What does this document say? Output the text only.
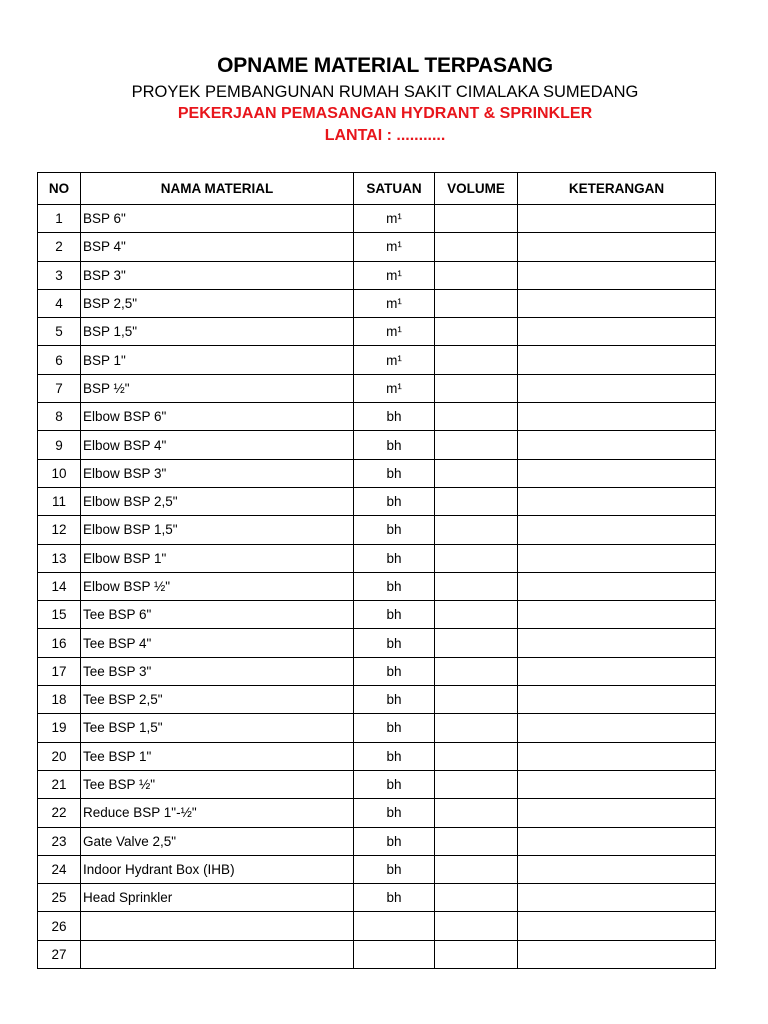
OPNAME MATERIAL TERPASANG
PROYEK PEMBANGUNAN RUMAH SAKIT CIMALAKA SUMEDANG
PEKERJAAN PEMASANGAN HYDRANT & SPRINKLER
LANTAI : ...........
NO	NAMA MATERIAL	SATUAN	VOLUME	KETERANGAN
1	BSP 6"	m¹		
2	BSP 4"	m¹		
3	BSP 3"	m¹		
4	BSP 2,5"	m¹		
5	BSP 1,5"	m¹		
6	BSP 1"	m¹		
7	BSP ½"	m¹		
8	Elbow BSP 6"	bh		
9	Elbow BSP 4"	bh		
10	Elbow BSP 3"	bh		
11	Elbow BSP 2,5"	bh		
12	Elbow BSP 1,5"	bh		
13	Elbow BSP 1"	bh		
14	Elbow BSP ½"	bh		
15	Tee BSP 6"	bh		
16	Tee BSP 4"	bh		
17	Tee BSP 3"	bh		
18	Tee BSP 2,5"	bh		
19	Tee BSP 1,5"	bh		
20	Tee BSP 1"	bh		
21	Tee BSP ½"	bh		
22	Reduce BSP 1"-½"	bh		
23	Gate Valve 2,5"	bh		
24	Indoor Hydrant Box (IHB)	bh		
25	Head Sprinkler	bh		
26				
27				
